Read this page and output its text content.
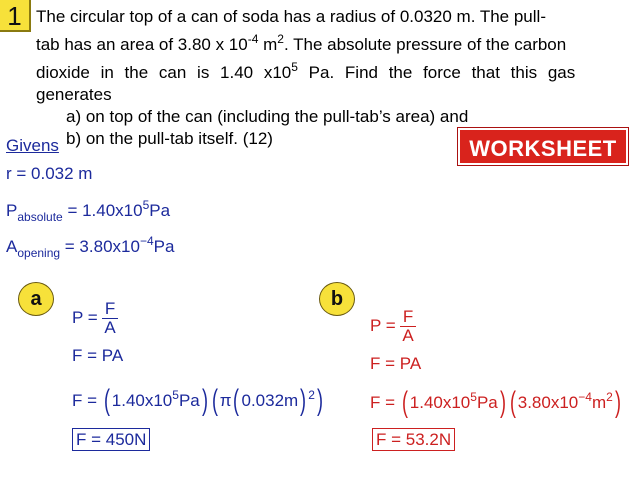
1 The circular top of a can of soda has a radius of 0.0320 m. The pull-
tab has an area of 3.80 x $10^{-4}$ $m^2$. The absolute pressure of the carbon
dioxide in the can is 1.40 $x10^5$ Pa. Find the force that this gas
generates
a) on top of the can (including the pull-tab’s area) and
b) on the pull-tab itself. (12)
Givens	WORKSHEET
r = 0.032 m
$P_{absolute} = 1.40x10^5Pa$
$A_{opening} = 3.80x10^{-4}Pa$
a
$P = \frac{F}{A}$
F = PA
F = ( $1.40x10^5Pa$) ( π( 0.032m) $^2$)
F = 450N
b
$P = \frac{F}{A}$
F = PA
F = ( $1.40x10^5Pa$) ( $3.80x10^{-4}m^2$)
F = 53.2N
